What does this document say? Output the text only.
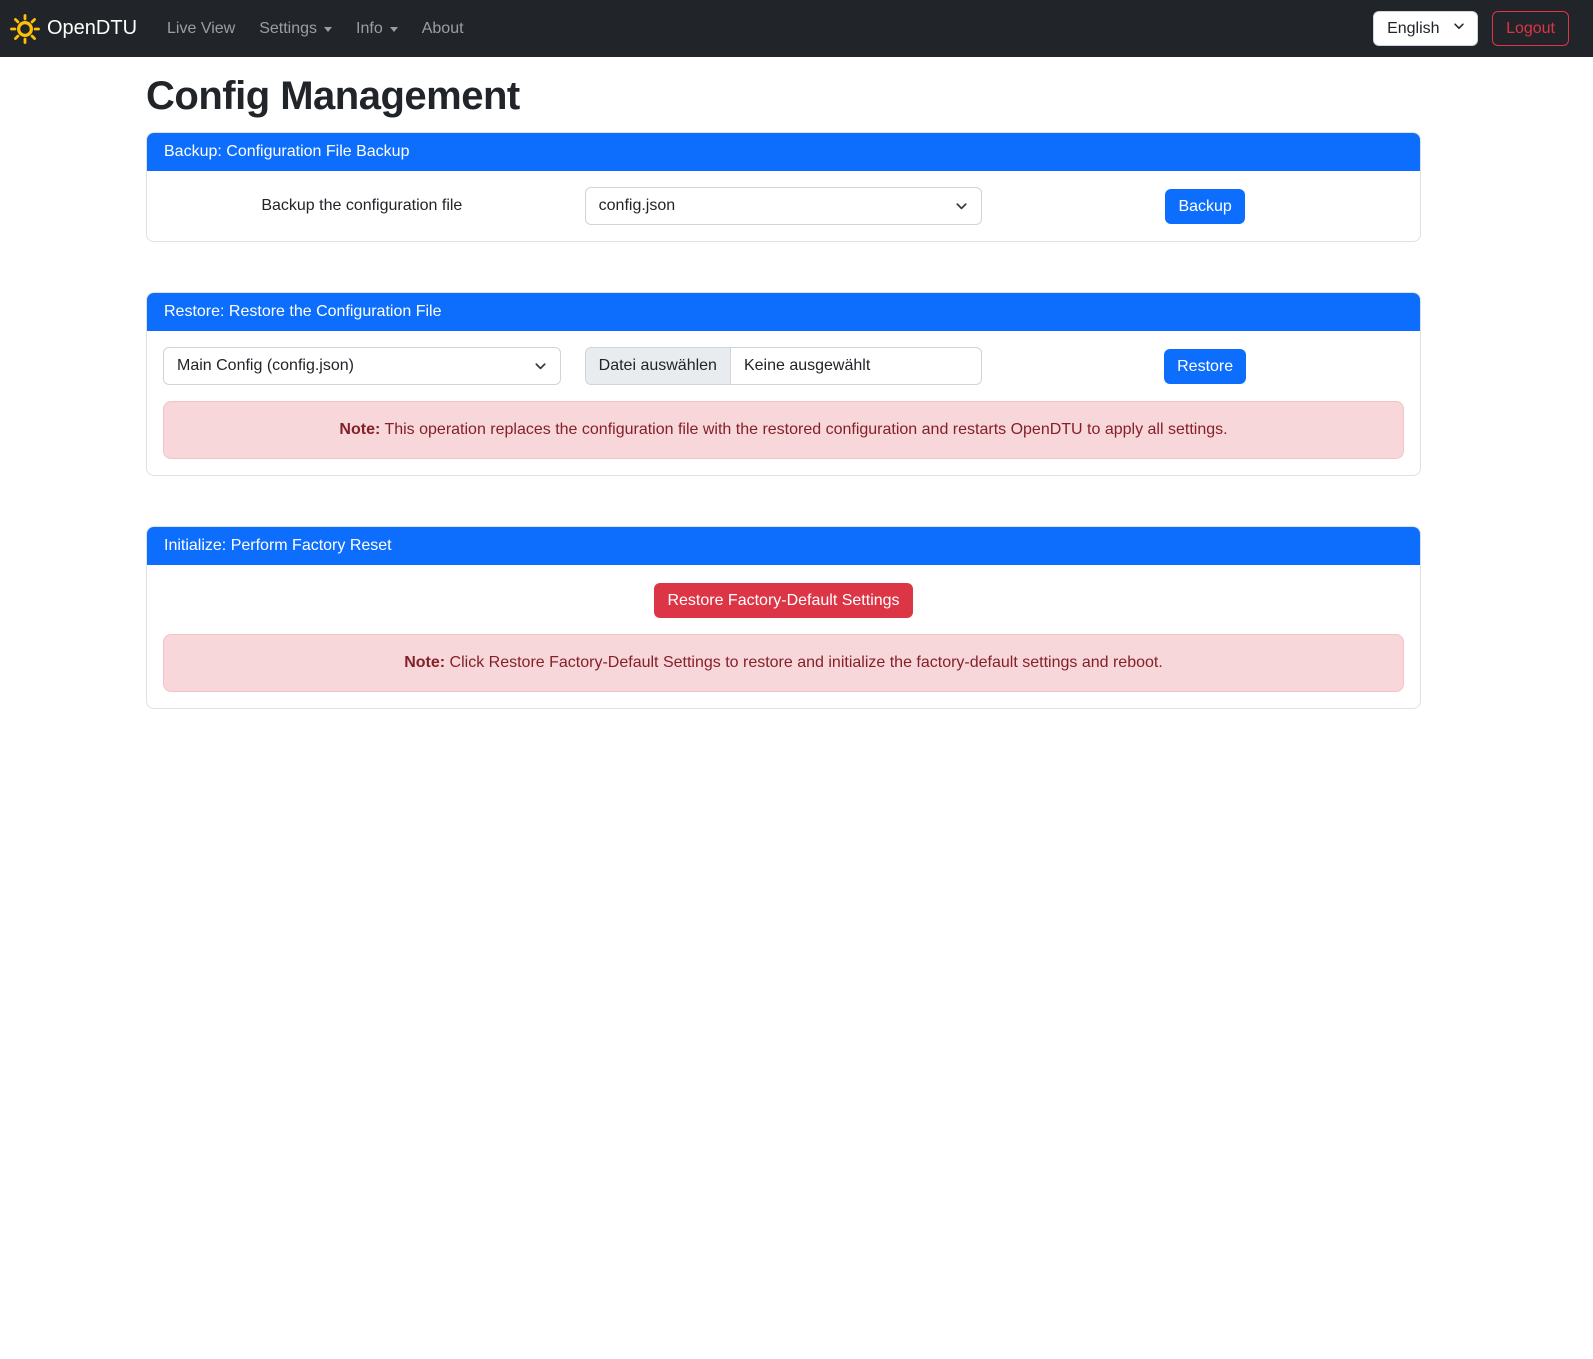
OpenDTU Live View Settings Info About	English	Logout
Config Management
Backup: Configuration File Backup
Backup the configuration file	config.json	Backup
Restore: Restore the Configuration File
Main Config (config.json)	Datei auswählen	Keine ausgewählt	Restore
Note: This operation replaces the configuration file with the restored configuration and restarts OpenDTU to apply all settings.
Initialize: Perform Factory Reset
Restore Factory-Default Settings
Note: Click Restore Factory-Default Settings to restore and initialize the factory-default settings and reboot.
